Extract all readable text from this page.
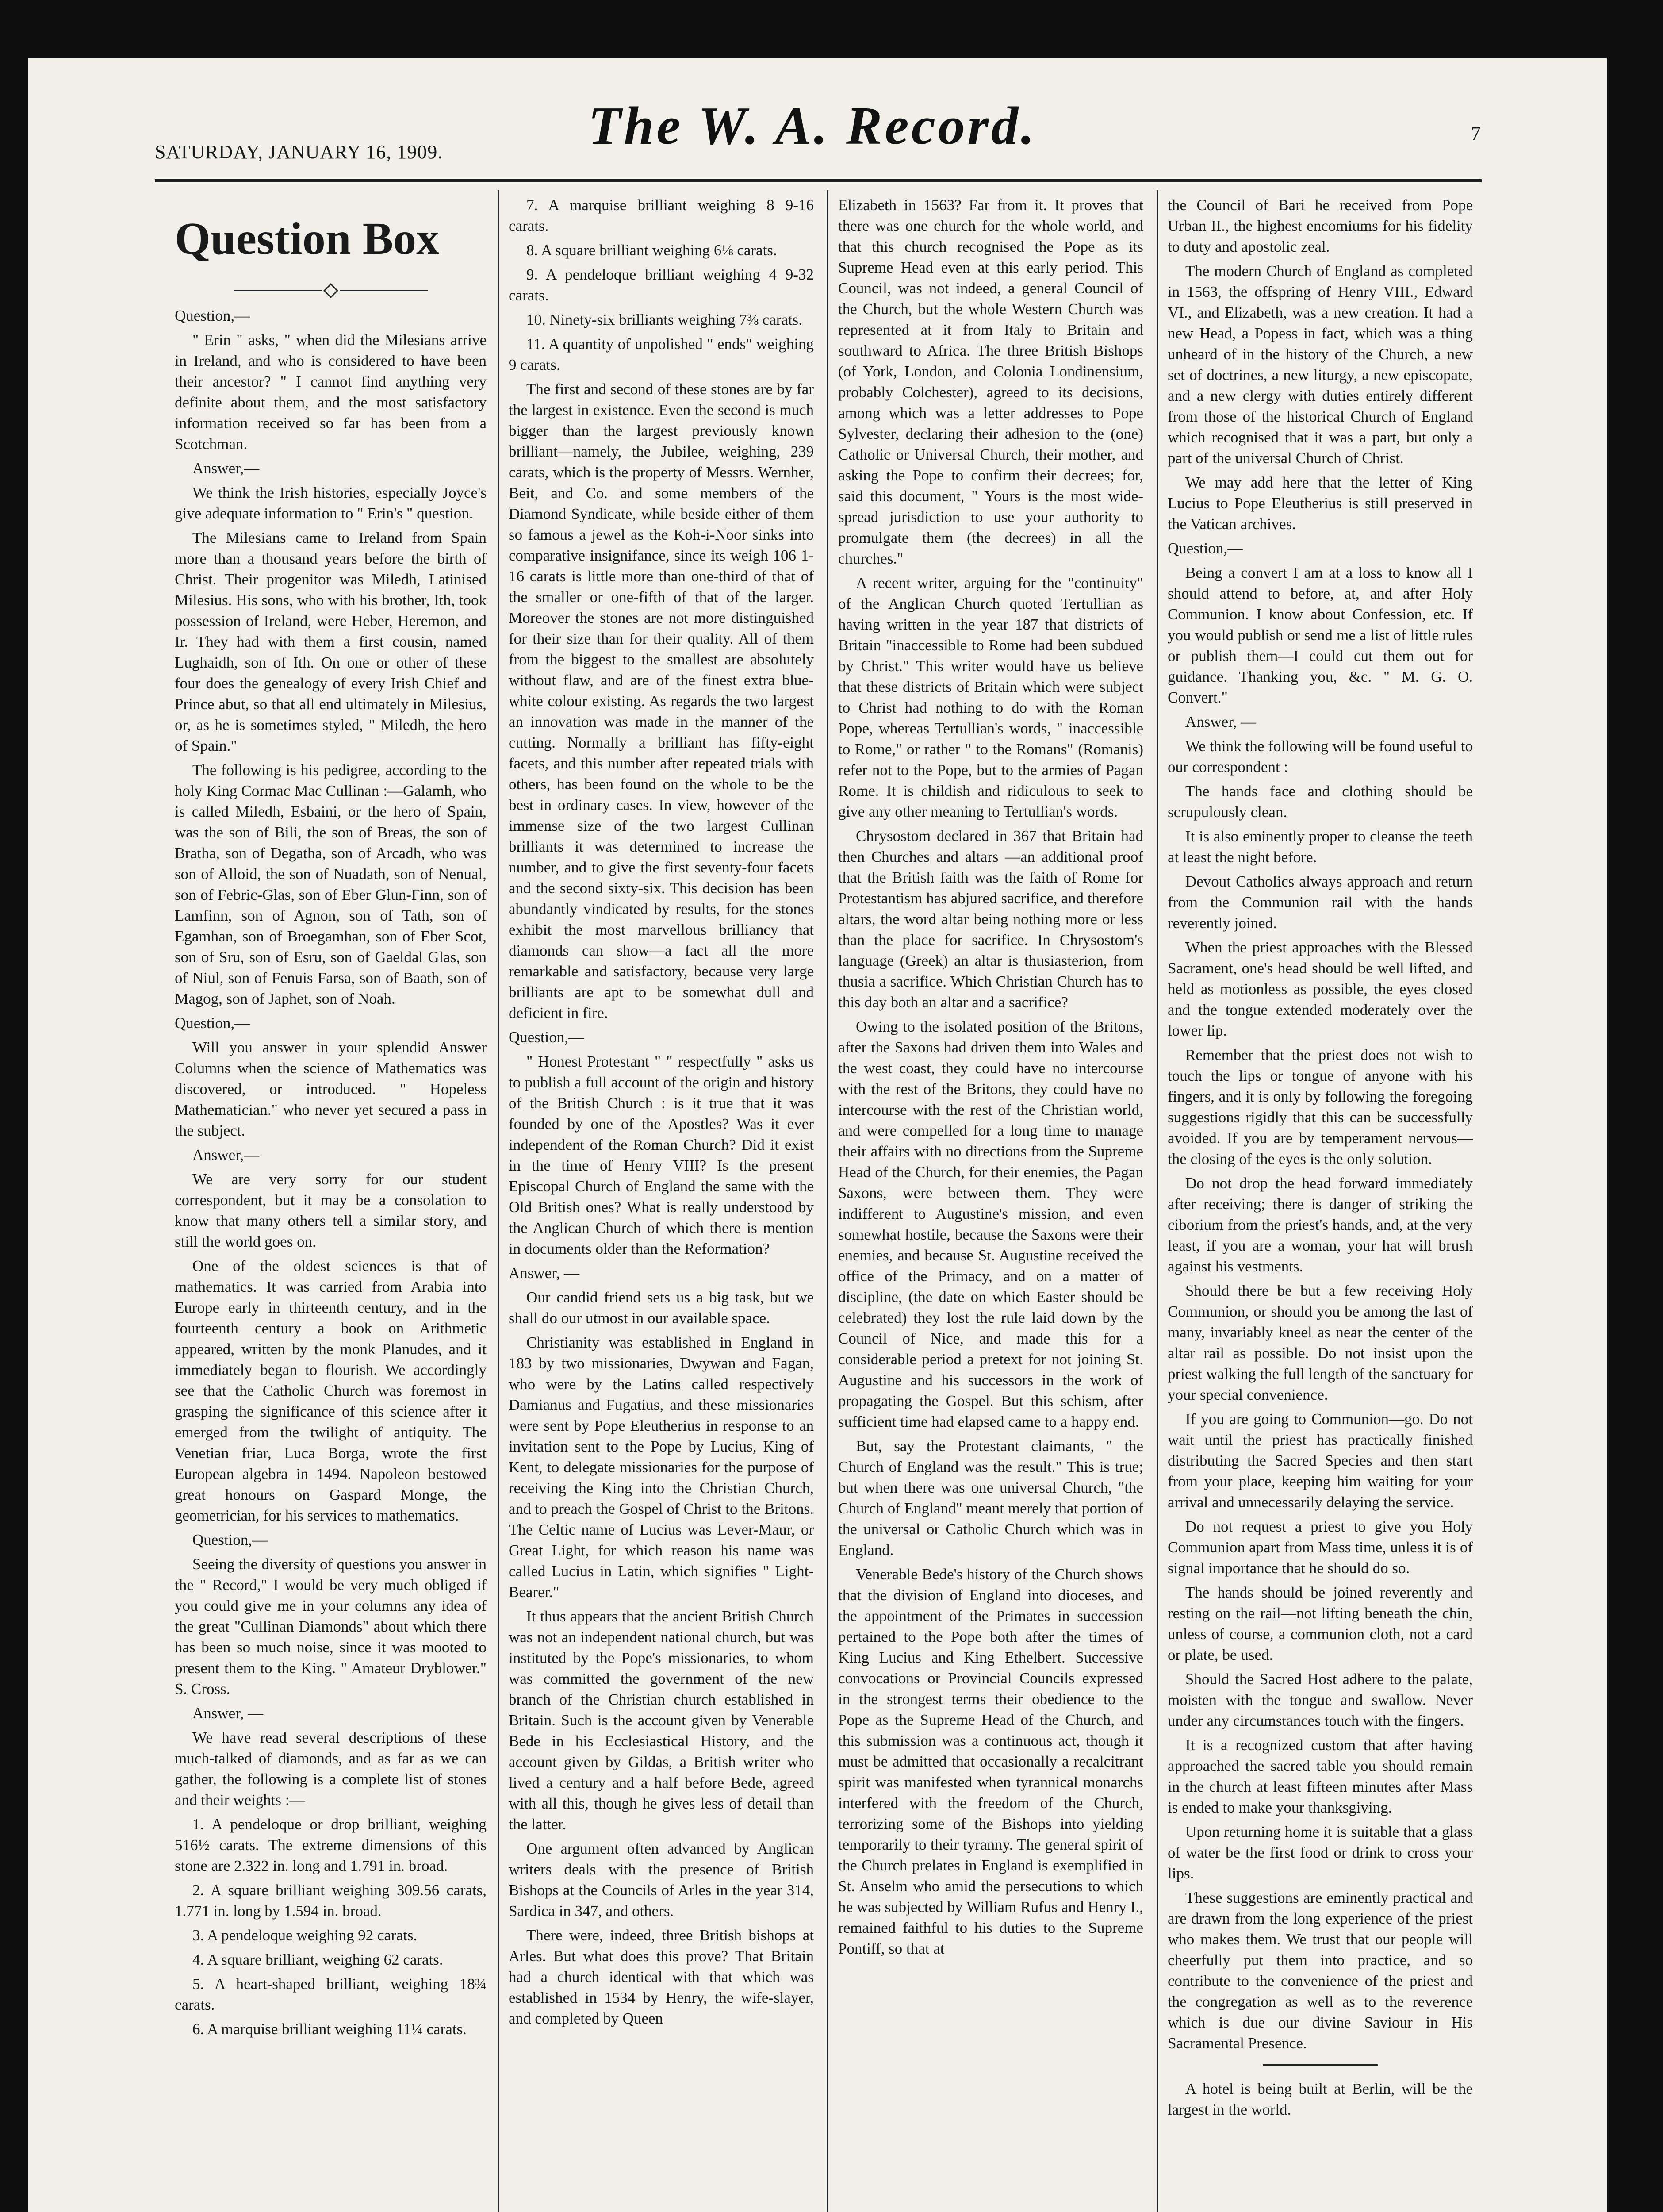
SATURDAY, JANUARY 16, 1909.	The W. A. Record.	7
Question Box

Question,—

" Erin " asks, " when did the Milesians arrive in Ireland, and who is considered to have been their ancestor? " I cannot find anything very definite about them, and the most satisfactory information received so far has been from a Scotchman.

Answer,—

We think the Irish histories, especially Joyce's give adequate information to " Erin's " question.

The Milesians came to Ireland from Spain more than a thousand years before the birth of Christ. Their progenitor was Miledh, Latinised Milesius. His sons, who with his brother, Ith, took possession of Ireland, were Heber, Heremon, and Ir. They had with them a first cousin, named Lughaidh, son of Ith. On one or other of these four does the genealogy of every Irish Chief and Prince abut, so that all end ultimately in Milesius, or, as he is sometimes styled, " Miledh, the hero of Spain."

The following is his pedigree, according to the holy King Cormac Mac Cullinan :—Galamh, who is called Miledh, Esbaini, or the hero of Spain, was the son of Bili, the son of Breas, the son of Bratha, son of Degatha, son of Arcadh, who was son of Alloid, the son of Nuadath, son of Nenual, son of Febric-Glas, son of Eber Glun-Finn, son of Lamfinn, son of Agnon, son of Tath, son of Egamhan, son of Broegamhan, son of Eber Scot, son of Sru, son of Esru, son of Gaeldal Glas, son of Niul, son of Fenuis Farsa, son of Baath, son of Magog, son of Japhet, son of Noah.

Question,—

Will you answer in your splendid Answer Columns when the science of Mathematics was discovered, or introduced. " Hopeless Mathematician." who never yet secured a pass in the subject.

Answer,—

We are very sorry for our student correspondent, but it may be a consolation to know that many others tell a similar story, and still the world goes on.

One of the oldest sciences is that of mathematics. It was carried from Arabia into Europe early in thirteenth century, and in the fourteenth century a book on Arithmetic appeared, written by the monk Planudes, and it immediately began to flourish. We accordingly see that the Catholic Church was foremost in grasping the significance of this science after it emerged from the twilight of antiquity. The Venetian friar, Luca Borga, wrote the first European algebra in 1494. Napoleon bestowed great honours on Gaspard Monge, the geometrician, for his services to mathematics.

Question,—

Seeing the diversity of questions you answer in the " Record," I would be very much obliged if you could give me in your columns any idea of the great "Cullinan Diamonds" about which there has been so much noise, since it was mooted to present them to the King. " Amateur Dryblower." S. Cross.

Answer, —

We have read several descriptions of these much-talked of diamonds, and as far as we can gather, the following is a complete list of stones and their weights :—

1. A pendeloque or drop brilliant, weighing 516½ carats. The extreme dimensions of this stone are 2.322 in. long and 1.791 in. broad.

2. A square brilliant weighing 309.56 carats, 1.771 in. long by 1.594 in. broad.

3. A pendeloque weighing 92 carats.

4. A square brilliant, weighing 62 carats.

5. A heart-shaped brilliant, weighing 18¾ carats.

6. A marquise brilliant weighing 11¼ carats.

7. A marquise brilliant weighing 8 9-16 carats.

8. A square brilliant weighing 6⅛ carats.

9. A pendeloque brilliant weighing 4 9-32 carats.

10. Ninety-six brilliants weighing 7⅜ carats.

11. A quantity of unpolished " ends" weighing 9 carats.

The first and second of these stones are by far the largest in existence. Even the second is much bigger than the largest previously known brilliant—namely, the Jubilee, weighing, 239 carats, which is the property of Messrs. Wernher, Beit, and Co. and some members of the Diamond Syndicate, while beside either of them so famous a jewel as the Koh-i-Noor sinks into comparative insignifance, since its weigh 106 1-16 carats is little more than one-third of that of the smaller or one-fifth of that of the larger. Moreover the stones are not more distinguished for their size than for their quality. All of them from the biggest to the smallest are absolutely without flaw, and are of the finest extra blue-white colour existing. As regards the two largest an innovation was made in the manner of the cutting. Normally a brilliant has fifty-eight facets, and this number after repeated trials with others, has been found on the whole to be the best in ordinary cases. In view, however of the immense size of the two largest Cullinan brilliants it was determined to increase the number, and to give the first seventy-four facets and the second sixty-six. This decision has been abundantly vindicated by results, for the stones exhibit the most marvellous brilliancy that diamonds can show—a fact all the more remarkable and satisfactory, because very large brilliants are apt to be somewhat dull and deficient in fire.

Question,—

" Honest Protestant " " respectfully " asks us to publish a full account of the origin and history of the British Church : is it true that it was founded by one of the Apostles? Was it ever independent of the Roman Church? Did it exist in the time of Henry VIII? Is the present Episcopal Church of England the same with the Old British ones? What is really understood by the Anglican Church of which there is mention in documents older than the Reformation?

Answer, —

Our candid friend sets us a big task, but we shall do our utmost in our available space.

Christianity was established in England in 183 by two missionaries, Dwywan and Fagan, who were by the Latins called respectively Damianus and Fugatius, and these missionaries were sent by Pope Eleutherius in response to an invitation sent to the Pope by Lucius, King of Kent, to delegate missionaries for the purpose of receiving the King into the Christian Church, and to preach the Gospel of Christ to the Britons. The Celtic name of Lucius was Lever-Maur, or Great Light, for which reason his name was called Lucius in Latin, which signifies " Light-Bearer."

It thus appears that the ancient British Church was not an independent national church, but was instituted by the Pope's missionaries, to whom was committed the government of the new branch of the Christian church established in Britain. Such is the account given by Venerable Bede in his Ecclesiastical History, and the account given by Gildas, a British writer who lived a century and a half before Bede, agreed with all this, though he gives less of detail than the latter.

One argument often advanced by Anglican writers deals with the presence of British Bishops at the Councils of Arles in the year 314, Sardica in 347, and others.

There were, indeed, three British bishops at Arles. But what does this prove? That Britain had a church identical with that which was established in 1534 by Henry, the wife-slayer, and completed by Queen

Elizabeth in 1563? Far from it. It proves that there was one church for the whole world, and that this church recognised the Pope as its Supreme Head even at this early period. This Council, was not indeed, a general Council of the Church, but the whole Western Church was represented at it from Italy to Britain and southward to Africa. The three British Bishops (of York, London, and Colonia Londinensium, probably Colchester), agreed to its decisions, among which was a letter addresses to Pope Sylvester, declaring their adhesion to the (one) Catholic or Universal Church, their mother, and asking the Pope to confirm their decrees; for, said this document, " Yours is the most wide-spread jurisdiction to use your authority to promulgate them (the decrees) in all the churches."

A recent writer, arguing for the "continuity" of the Anglican Church quoted Tertullian as having written in the year 187 that districts of Britain "inaccessible to Rome had been subdued by Christ." This writer would have us believe that these districts of Britain which were subject to Christ had nothing to do with the Roman Pope, whereas Tertullian's words, " inaccessible to Rome," or rather " to the Romans" (Romanis) refer not to the Pope, but to the armies of Pagan Rome. It is childish and ridiculous to seek to give any other meaning to Tertullian's words.

Chrysostom declared in 367 that Britain had then Churches and altars —an additional proof that the British faith was the faith of Rome for Protestantism has abjured sacrifice, and therefore altars, the word altar being nothing more or less than the place for sacrifice. In Chrysostom's language (Greek) an altar is thusiasterion, from thusia a sacrifice. Which Christian Church has to this day both an altar and a sacrifice?

Owing to the isolated position of the Britons, after the Saxons had driven them into Wales and the west coast, they could have no intercourse with the rest of the Britons, they could have no intercourse with the rest of the Christian world, and were compelled for a long time to manage their affairs with no directions from the Supreme Head of the Church, for their enemies, the Pagan Saxons, were between them. They were indifferent to Augustine's mission, and even somewhat hostile, because the Saxons were their enemies, and because St. Augustine received the office of the Primacy, and on a matter of discipline, (the date on which Easter should be celebrated) they lost the rule laid down by the Council of Nice, and made this for a considerable period a pretext for not joining St. Augustine and his successors in the work of propagating the Gospel. But this schism, after sufficient time had elapsed came to a happy end.

But, say the Protestant claimants, " the Church of England was the result." This is true; but when there was one universal Church, "the Church of England" meant merely that portion of the universal or Catholic Church which was in England.

Venerable Bede's history of the Church shows that the division of England into dioceses, and the appointment of the Primates in succession pertained to the Pope both after the times of King Lucius and King Ethelbert. Successive convocations or Provincial Councils expressed in the strongest terms their obedience to the Pope as the Supreme Head of the Church, and this submission was a continuous act, though it must be admitted that occasionally a recalcitrant spirit was manifested when tyrannical monarchs interfered with the freedom of the Church, terrorizing some of the Bishops into yielding temporarily to their tyranny. The general spirit of the Church prelates in England is exemplified in St. Anselm who amid the persecutions to which he was subjected by William Rufus and Henry I., remained faithful to his duties to the Supreme Pontiff, so that at

the Council of Bari he received from Pope Urban II., the highest encomiums for his fidelity to duty and apostolic zeal.

The modern Church of England as completed in 1563, the offspring of Henry VIII., Edward VI., and Elizabeth, was a new creation. It had a new Head, a Popess in fact, which was a thing unheard of in the history of the Church, a new set of doctrines, a new liturgy, a new episcopate, and a new clergy with duties entirely different from those of the historical Church of England which recognised that it was a part, but only a part of the universal Church of Christ.

We may add here that the letter of King Lucius to Pope Eleutherius is still preserved in the Vatican archives.

Question,—

Being a convert I am at a loss to know all I should attend to before, at, and after Holy Communion. I know about Confession, etc. If you would publish or send me a list of little rules or publish them—I could cut them out for guidance. Thanking you, &c. " M. G. O. Convert."

Answer, —

We think the following will be found useful to our correspondent :

The hands face and clothing should be scrupulously clean.

It is also eminently proper to cleanse the teeth at least the night before.

Devout Catholics always approach and return from the Communion rail with the hands reverently joined.

When the priest approaches with the Blessed Sacrament, one's head should be well lifted, and held as motionless as possible, the eyes closed and the tongue extended moderately over the lower lip.

Remember that the priest does not wish to touch the lips or tongue of anyone with his fingers, and it is only by following the foregoing suggestions rigidly that this can be successfully avoided. If you are by temperament nervous—the closing of the eyes is the only solution.

Do not drop the head forward immediately after receiving; there is danger of striking the ciborium from the priest's hands, and, at the very least, if you are a woman, your hat will brush against his vestments.

Should there be but a few receiving Holy Communion, or should you be among the last of many, invariably kneel as near the center of the altar rail as possible. Do not insist upon the priest walking the full length of the sanctuary for your special convenience.

If you are going to Communion—go. Do not wait until the priest has practically finished distributing the Sacred Species and then start from your place, keeping him waiting for your arrival and unnecessarily delaying the service.

Do not request a priest to give you Holy Communion apart from Mass time, unless it is of signal importance that he should do so.

The hands should be joined reverently and resting on the rail—not lifting beneath the chin, unless of course, a communion cloth, not a card or plate, be used.

Should the Sacred Host adhere to the palate, moisten with the tongue and swallow. Never under any circumstances touch with the fingers.

It is a recognized custom that after having approached the sacred table you should remain in the church at least fifteen minutes after Mass is ended to make your thanksgiving.

Upon returning home it is suitable that a glass of water be the first food or drink to cross your lips.

These suggestions are eminently practical and are drawn from the long experience of the priest who makes them. We trust that our people will cheerfully put them into practice, and so contribute to the convenience of the priest and the congregation as well as to the reverence which is due our divine Saviour in His Sacramental Presence.

A hotel is being built at Berlin, will be the largest in the world.
